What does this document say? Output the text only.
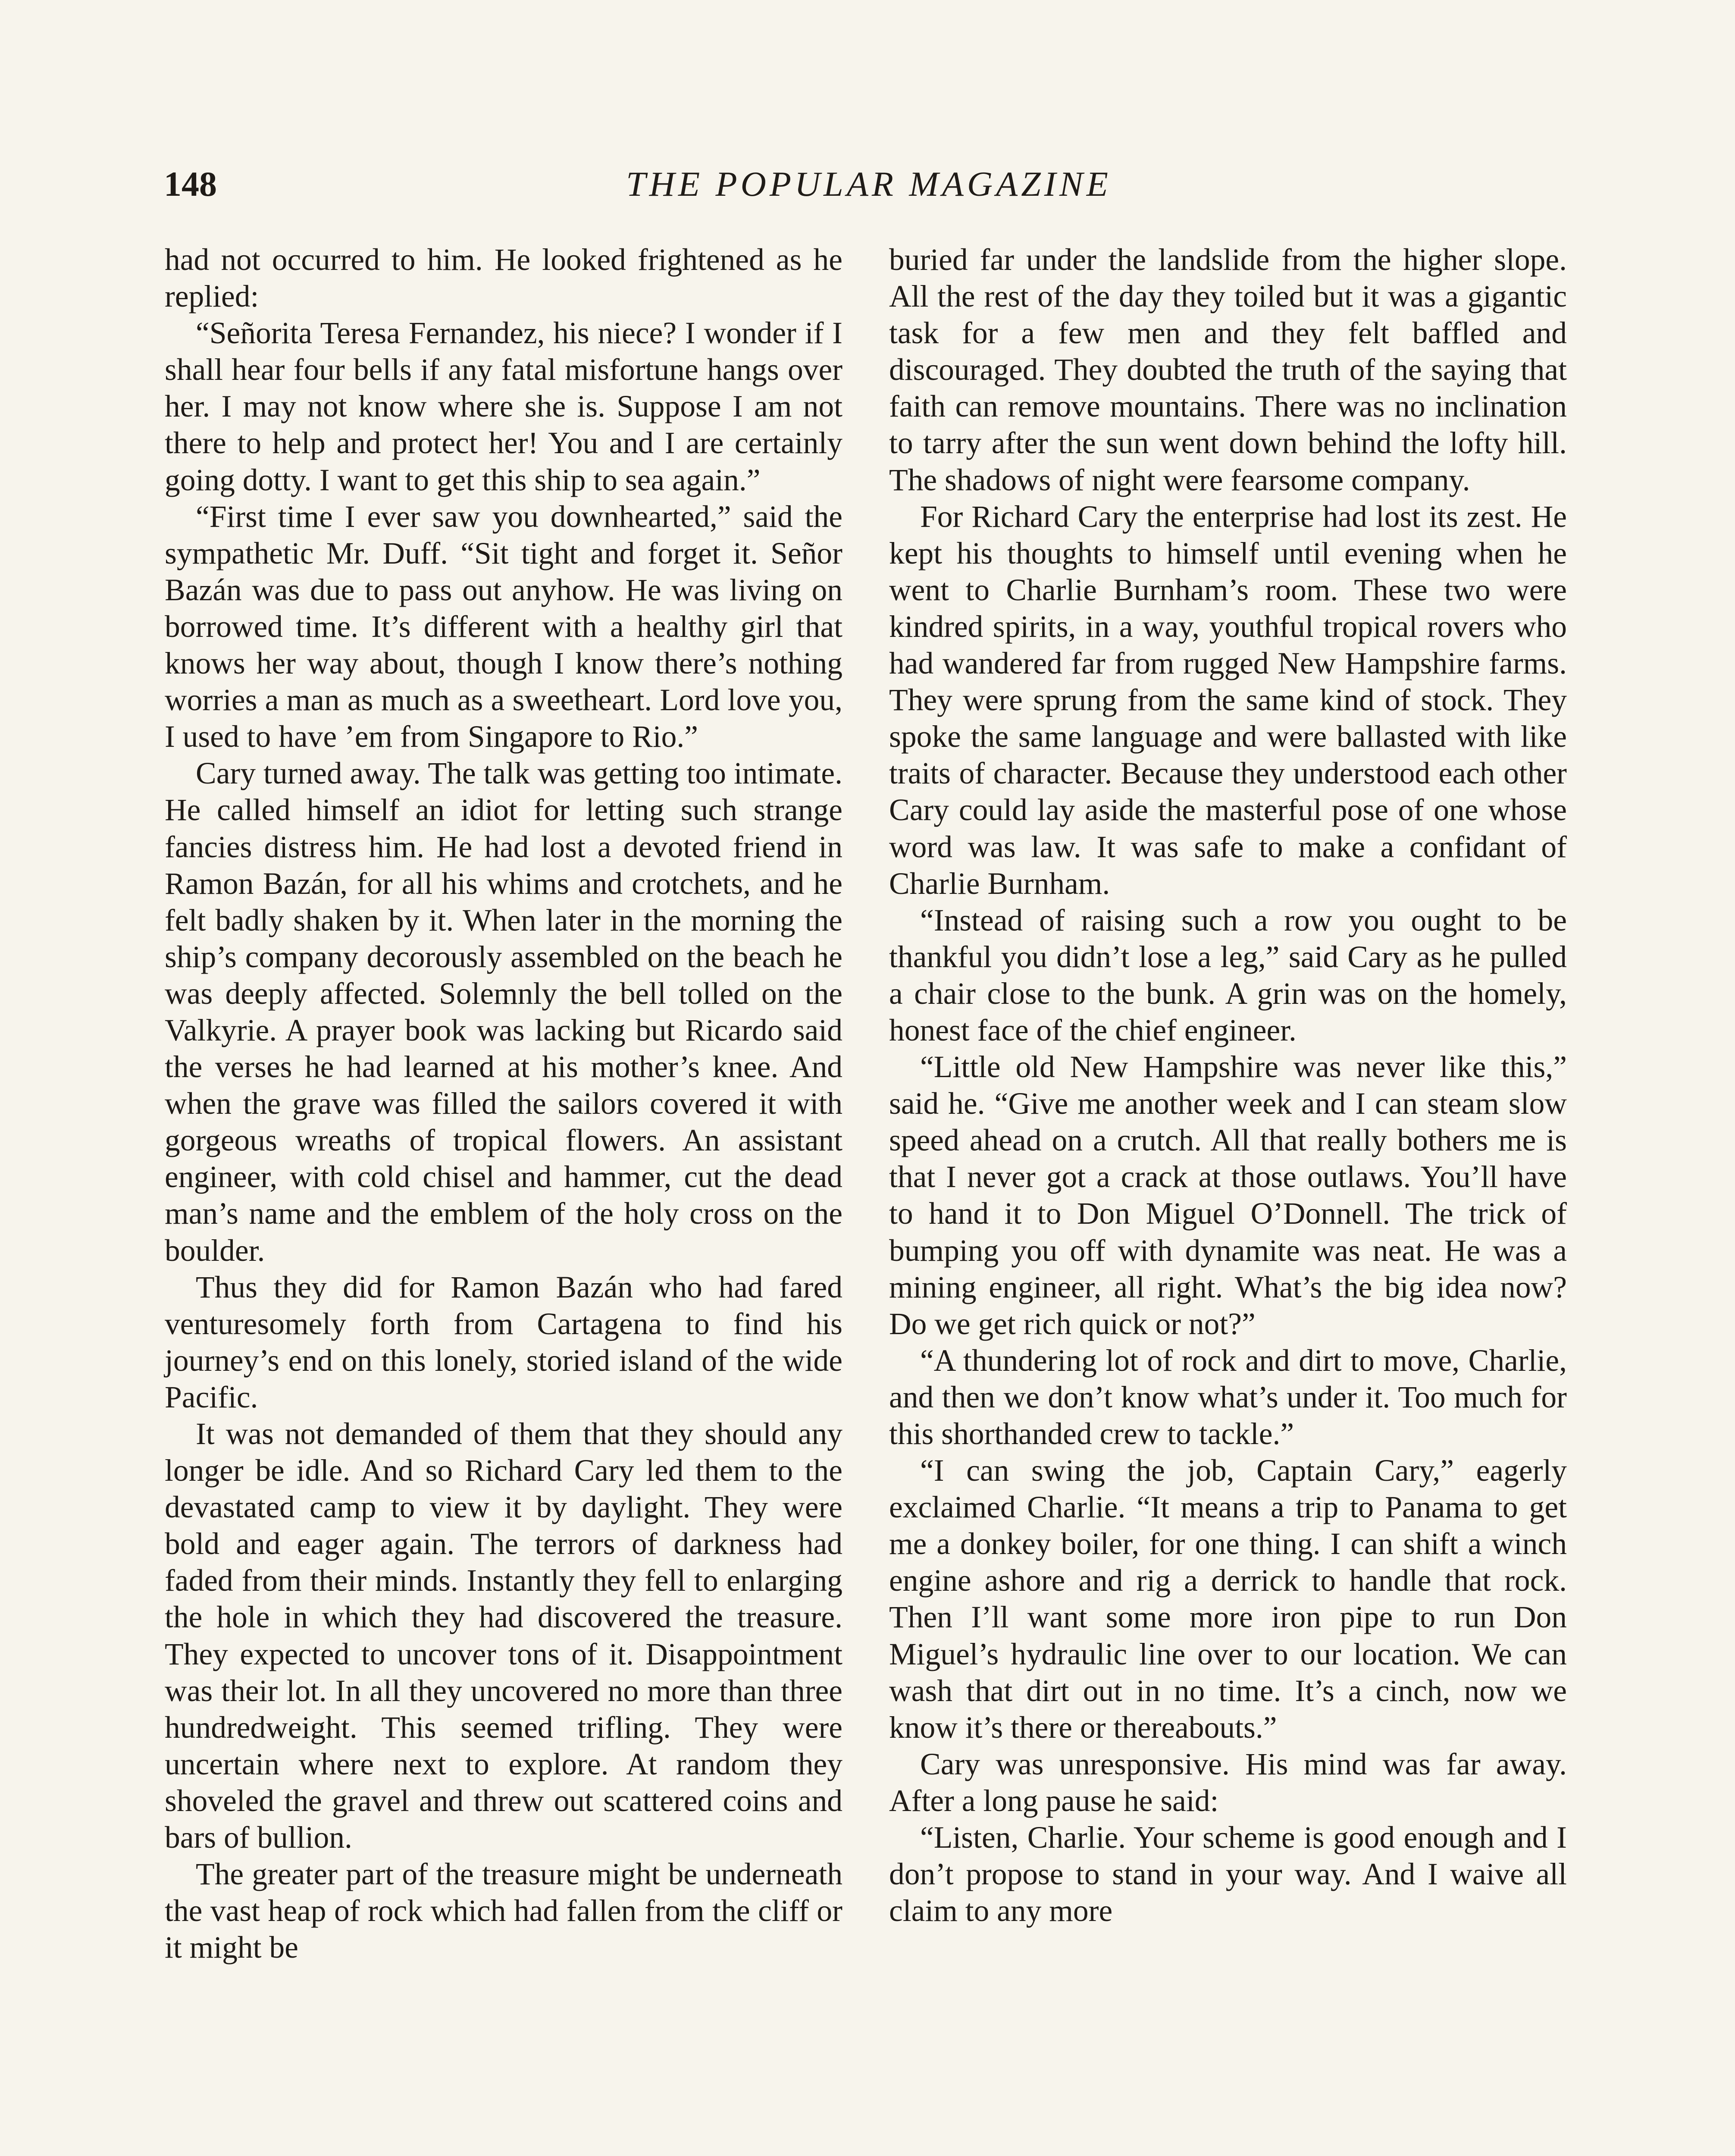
148	THE POPULAR MAGAZINE

had not occurred to him. He looked frightened as he replied:

“Señorita Teresa Fernandez, his niece? I wonder if I shall hear four bells if any fatal misfortune hangs over her. I may not know where she is. Suppose I am not there to help and protect her! You and I are certainly going dotty. I want to get this ship to sea again.”

“First time I ever saw you downhearted,” said the sympathetic Mr. Duff. “Sit tight and forget it. Señor Bazán was due to pass out anyhow. He was living on borrowed time. It’s different with a healthy girl that knows her way about, though I know there’s nothing worries a man as much as a sweetheart. Lord love you, I used to have ’em from Singapore to Rio.”

Cary turned away. The talk was getting too intimate. He called himself an idiot for letting such strange fancies distress him. He had lost a devoted friend in Ramon Bazán, for all his whims and crotchets, and he felt badly shaken by it. When later in the morning the ship’s company decorously assembled on the beach he was deeply affected. Solemnly the bell tolled on the Valkyrie. A prayer book was lacking but Ricardo said the verses he had learned at his mother’s knee. And when the grave was filled the sailors covered it with gorgeous wreaths of tropical flowers. An assistant engineer, with cold chisel and hammer, cut the dead man’s name and the emblem of the holy cross on the boulder.

Thus they did for Ramon Bazán who had fared venturesomely forth from Cartagena to find his journey’s end on this lonely, storied island of the wide Pacific.

It was not demanded of them that they should any longer be idle. And so Richard Cary led them to the devastated camp to view it by daylight. They were bold and eager again. The terrors of darkness had faded from their minds. Instantly they fell to enlarging the hole in which they had discovered the treasure. They expected to uncover tons of it. Disappointment was their lot. In all they uncovered no more than three hundredweight. This seemed trifling. They were uncertain where next to explore. At random they shoveled the gravel and threw out scattered coins and bars of bullion.

The greater part of the treasure might be underneath the vast heap of rock which had fallen from the cliff or it might be

buried far under the landslide from the higher slope. All the rest of the day they toiled but it was a gigantic task for a few men and they felt baffled and discouraged. They doubted the truth of the saying that faith can remove mountains. There was no inclination to tarry after the sun went down behind the lofty hill. The shadows of night were fearsome company.

For Richard Cary the enterprise had lost its zest. He kept his thoughts to himself until evening when he went to Charlie Burnham’s room. These two were kindred spirits, in a way, youthful tropical rovers who had wandered far from rugged New Hampshire farms. They were sprung from the same kind of stock. They spoke the same language and were ballasted with like traits of character. Because they understood each other Cary could lay aside the masterful pose of one whose word was law. It was safe to make a confidant of Charlie Burnham.

“Instead of raising such a row you ought to be thankful you didn’t lose a leg,” said Cary as he pulled a chair close to the bunk. A grin was on the homely, honest face of the chief engineer.

“Little old New Hampshire was never like this,” said he. “Give me another week and I can steam slow speed ahead on a crutch. All that really bothers me is that I never got a crack at those outlaws. You’ll have to hand it to Don Miguel O’Donnell. The trick of bumping you off with dynamite was neat. He was a mining engineer, all right. What’s the big idea now? Do we get rich quick or not?”

“A thundering lot of rock and dirt to move, Charlie, and then we don’t know what’s under it. Too much for this shorthanded crew to tackle.”

“I can swing the job, Captain Cary,” eagerly exclaimed Charlie. “It means a trip to Panama to get me a donkey boiler, for one thing. I can shift a winch engine ashore and rig a derrick to handle that rock. Then I’ll want some more iron pipe to run Don Miguel’s hydraulic line over to our location. We can wash that dirt out in no time. It’s a cinch, now we know it’s there or thereabouts.”

Cary was unresponsive. His mind was far away. After a long pause he said:

“Listen, Charlie. Your scheme is good enough and I don’t propose to stand in your way. And I waive all claim to any more
